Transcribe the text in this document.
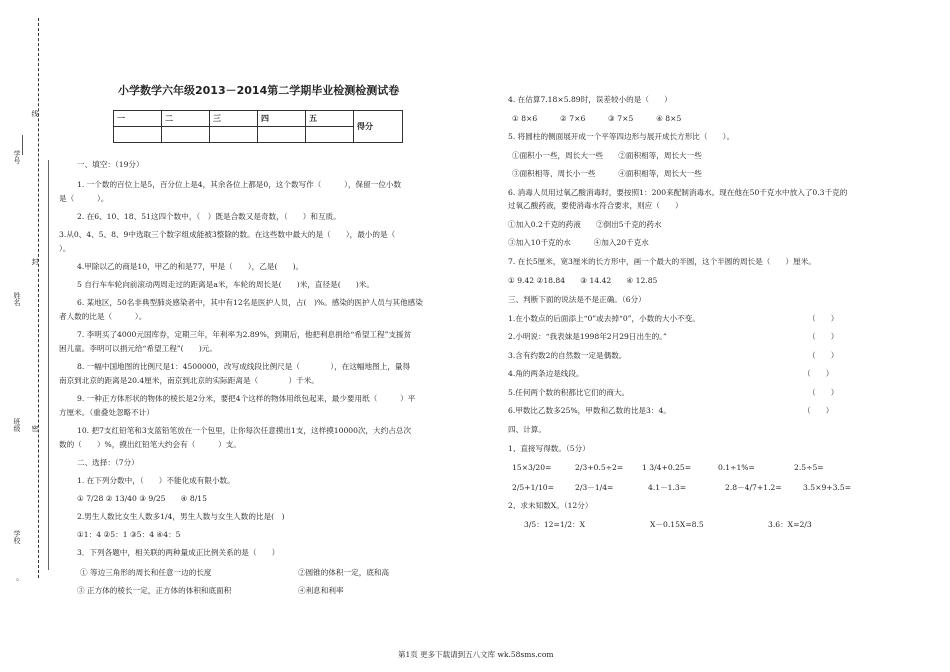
线
封
密
学号
姓名
班级
学校
。
小学数学六年级2013－2014第二学期毕业检测检测试卷
一	二	三	四	五	得分

一、填空：（19分）
1. 一个数的百位上是5，百分位上是4，其余各位上都是0，这个数写作（　　　），保留一位小数
是（　　　）。
2. 在6、10、18、51这四个数中，（　）既是合数又是奇数，（　　）和互质。
3.从0、4、5、8、9中选取三个数字组成能被3整除的数。在这些数中最大的是（　　），最小的是（
）。
4.甲除以乙的商是10，甲乙的和是77，甲是（　　），乙是(　　)。
5 自行车车轮向前滚动两周走过的距离是a米，车轮的周长是(　　)米，直径是(　　)米。
6. 某地区，50名非典型肺炎感染者中，其中有12名是医护人员，占(　)%。感染的医护人员与其他感染
者人数的比是（　　　）。
7. 李明买了4000元国库券，定期三年，年利率为2.89%，到期后，他把利息捐给“希望工程”支援贫
困儿童。李明可以捐元给“希望工程”(　　)元。
8. 一幅中国地图的比例尺是1：4500000，改写成线段比例尺是（　　　　），在这幅地图上，量得
南京到北京的距离是20.4厘米，南京到北京的实际距离是（　　　　）千米。
9. 一种正方体形状的物体的棱长是2分米，要把4个这样的物体用纸包起来，最少要用纸（　　　）平
方厘米。（重叠处忽略不计）
10. 把7支红铅笔和3支蓝铅笔放在一个包里，让你每次任意摸出1支，这样摸10000次，大约占总次
数的（　　）%，摸出红铅笔大约会有（　　　）支。
二、选择：（7分）
1. 在下列分数中，（　　）不能化成有限小数。
① 7/28 ② 13/40 ③ 9/25　　④ 8/15
2.男生人数比女生人数多1/4，男生人数与女生人数的比是(　)
①1：4 ②5：1 ③5：4 ④4：5
3．下列各题中，相关联的两种量成正比例关系的是（　　）
① 等边三角形的周长和任意一边的长度	②圆锥的体积一定，底和高
③ 正方体的棱长一定，正方体的体积和底面积	④利息和利率
4. 在估算7.18×5.89时，误差较小的是（　　）
① 8×6　　　② 7×6　　　③ 7×5　　　④ 8×5
5. 将圆柱的侧面展开成一个平等四边形与展开成长方形比（　　）。
①面积小一些，周长大一些　　②面积相等，周长大一些
③面积相等，周长小一些　　　④面积相等，周长大一些
6. 消毒人员用过氧乙酸消毒时，要按照1：200来配制消毒水。现在他在50千克水中放入了0.3千克的
过氧乙酸药液，要使消毒水符合要求，则应（　　）
①加入0.2千克的药液　　②倒出5千克的药水
③加入10千克的水　　　④加入20千克水
7. 在长5厘米，宽3厘米的长方形中，画一个最大的半圆，这个半圆的周长是（　　）厘米。
① 9.42 ②18.84　　③ 14.42　　④ 12.85
三、判断下面的说法是不是正确。（6分）
1.在小数点的后面添上“0”或去掉“0”，小数的大小不变。	（　　）
2.小明说：“我表妹是1998年2月29日出生的。”	（　　）
3.含有约数2的自然数一定是偶数。	（　　）
4.角的两条边是线段。	（　　）
5.任何两个数的积都比它们的商大。	（　　）
6.甲数比乙数多25%，甲数和乙数的比是3：4。	（　　）
四、计算。
1、直接写得数。（5分）
15×3/20=	2/3+0.5÷2= 1 3/4+0.25=	0.1÷1%=	2.5÷5=
2/5+1/10=	2/3－1/4=	4.1－1.3=	2.8－4/7+1.2=	3.5×9+3.5=
2、求未知数X。（12分）
3/5：12=1/2：X	X－0.15X=8.5	3.6：X=2/3
第1页 更多下载请到五八文库 wk.58sms.com
